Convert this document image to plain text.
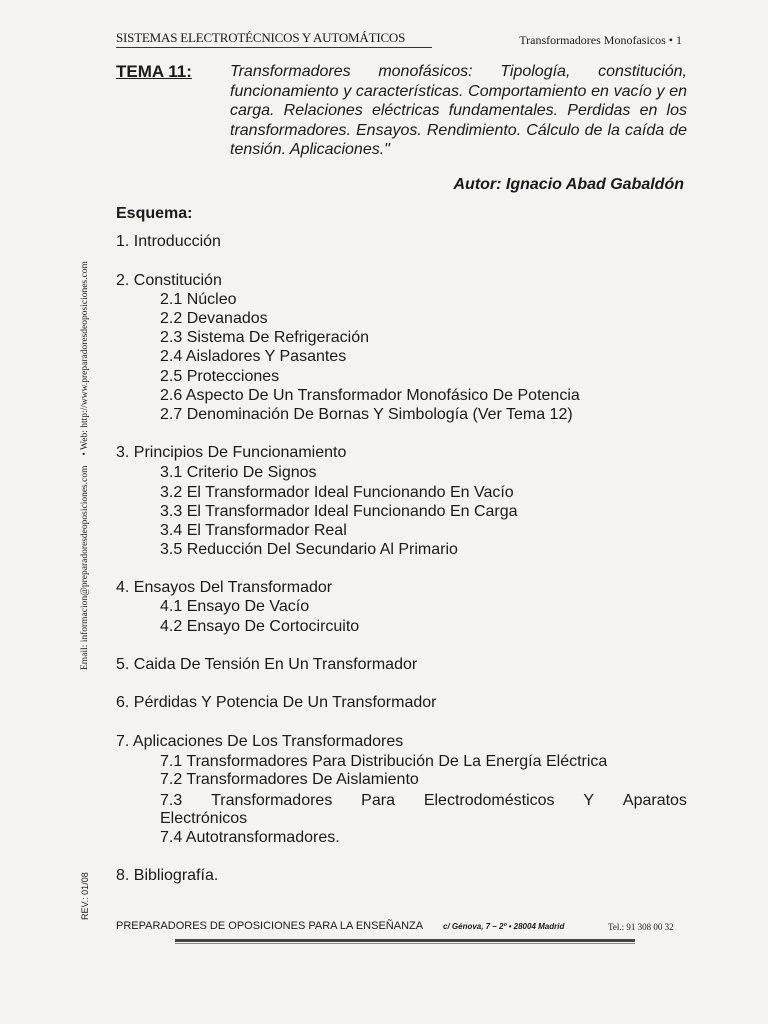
SISTEMAS ELECTROTÉCNICOS Y AUTOMÁTICOS	Transformadores Monofasicos • 1
TEMA 11: Transformadores monofásicos: Tipología, constitución, funcionamiento y características. Comportamiento en vacío y en carga. Relaciones eléctricas fundamentales. Perdidas en los transformadores. Ensayos. Rendimiento. Cálculo de la caída de tensión. Aplicaciones."
Autor: Ignacio Abad Gabaldón
Esquema:
1. Introducción
2. Constitución
2.1 Núcleo
2.2 Devanados
2.3 Sistema De Refrigeración
2.4 Aisladores Y Pasantes
2.5 Protecciones
2.6 Aspecto De Un Transformador Monofásico De Potencia
2.7 Denominación De Bornas Y Simbología (Ver Tema 12)
3. Principios De Funcionamiento
3.1 Criterio De Signos
3.2 El Transformador Ideal Funcionando En Vacío
3.3 El Transformador Ideal Funcionando En Carga
3.4 El Transformador Real
3.5 Reducción Del Secundario Al Primario
4. Ensayos Del Transformador
4.1 Ensayo De Vacío
4.2 Ensayo De Cortocircuito
5. Caida De Tensión En Un Transformador
6. Pérdidas Y Potencia De Un Transformador
7. Aplicaciones De Los Transformadores
7.1 Transformadores Para Distribución De La Energía Eléctrica
7.2 Transformadores De Aislamiento
7.3 Transformadores Para Electrodomésticos Y Aparatos
Electrónicos
7.4 Autotransformadores.
8. Bibliografía.
Email: informacion@preparadoresdeoposiciones.com
• Web: http://www.preparadoresdeoposiciones.com
REV.: 01/08
PREPARADORES DE OPOSICIONES PARA LA ENSEÑANZA c/ Génova, 7 – 2º • 28004 Madrid	Tel.: 91 308 00 32
